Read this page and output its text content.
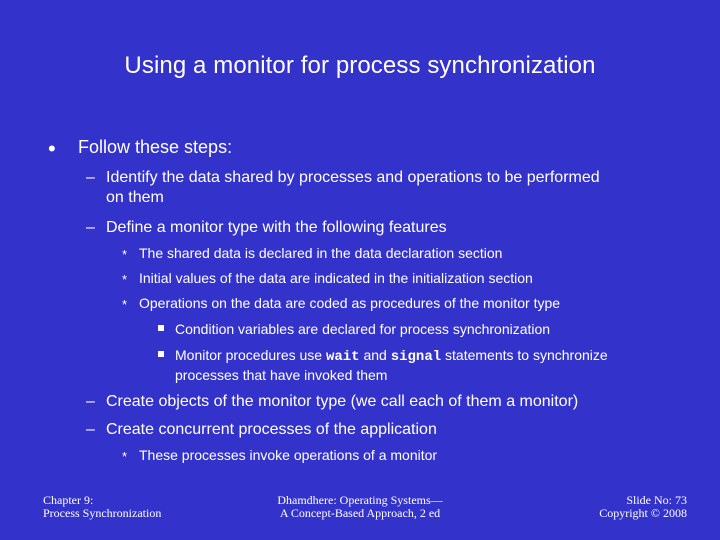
Using a monitor for process synchronization
• Follow these steps:
– Identify the data shared by processes and operations to be performed
on them
– Define a monitor type with the following features
* The shared data is declared in the data declaration section
* Initial values of the data are indicated in the initialization section
* Operations on the data are coded as procedures of the monitor type
Condition variables are declared for process synchronization
Monitor procedures use wait and signal statements to synchronize
processes that have invoked them
– Create objects of the monitor type (we call each of them a monitor)
– Create concurrent processes of the application
* These processes invoke operations of a monitor
Chapter 9:
Process Synchronization
Dhamdhere: Operating Systems—
A Concept-Based Approach, 2 ed
Slide No: 73
Copyright © 2008
